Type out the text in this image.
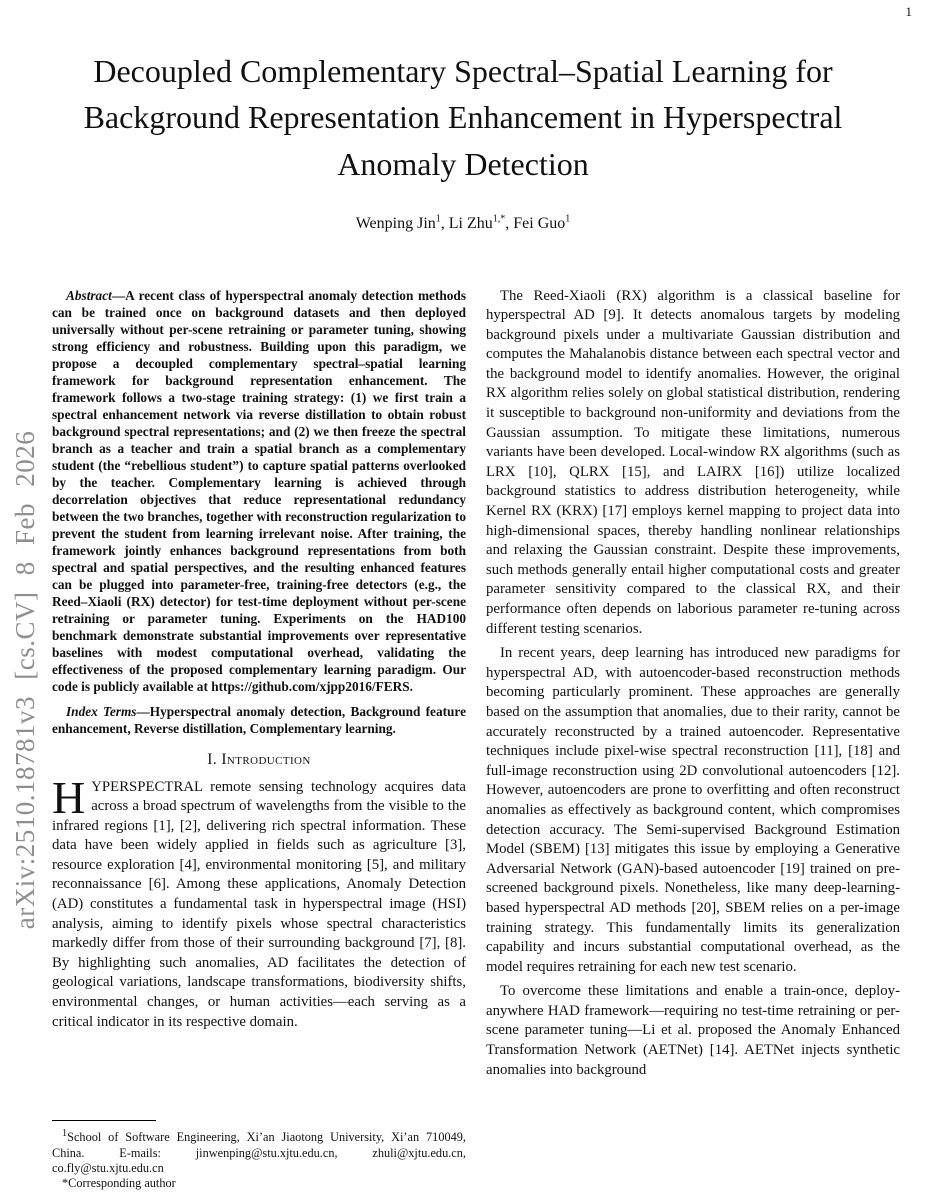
1
arXiv:2510.18781v3 [cs.CV] 8 Feb 2026
Decoupled Complementary Spectral–Spatial Learning for Background Representation Enhancement in Hyperspectral Anomaly Detection
Wenping Jin$^1$, Li Zhu$^{1,*}$, Fei Guo$^1$

Abstract—A recent class of hyperspectral anomaly detection methods can be trained once on background datasets and then deployed universally without per-scene retraining or parameter tuning, showing strong efficiency and robustness. Building upon this paradigm, we propose a decoupled complementary spectral–spatial learning framework for background representation enhancement. The framework follows a two-stage training strategy: (1) we first train a spectral enhancement network via reverse distillation to obtain robust background spectral representations; and (2) we then freeze the spectral branch as a teacher and train a spatial branch as a complementary student (the “rebellious student”) to capture spatial patterns overlooked by the teacher. Complementary learning is achieved through decorrelation objectives that reduce representational redundancy between the two branches, together with reconstruction regularization to prevent the student from learning irrelevant noise. After training, the framework jointly enhances background representations from both spectral and spatial perspectives, and the resulting enhanced features can be plugged into parameter-free, training-free detectors (e.g., the Reed–Xiaoli (RX) detector) for test-time deployment without per-scene retraining or parameter tuning. Experiments on the HAD100 benchmark demonstrate substantial improvements over representative baselines with modest computational overhead, validating the effectiveness of the proposed complementary learning paradigm. Our code is publicly available at https://github.com/xjpp2016/FERS.

Index Terms—Hyperspectral anomaly detection, Background feature enhancement, Reverse distillation, Complementary learning.

I. Introduction

HYPERSPECTRAL remote sensing technology acquires data across a broad spectrum of wavelengths from the visible to the infrared regions [1], [2], delivering rich spectral information. These data have been widely applied in fields such as agriculture [3], resource exploration [4], environmental monitoring [5], and military reconnaissance [6]. Among these applications, Anomaly Detection (AD) constitutes a fundamental task in hyperspectral image (HSI) analysis, aiming to identify pixels whose spectral characteristics markedly differ from those of their surrounding background [7], [8]. By highlighting such anomalies, AD facilitates the detection of geological variations, landscape transformations, biodiversity shifts, environmental changes, or human activities—each serving as a critical indicator in its respective domain.

$^1$School of Software Engineering, Xi’an Jiaotong University, Xi’an 710049, China. E-mails: jinwenping@stu.xjtu.edu.cn, zhuli@xjtu.edu.cn, co.fly@stu.xjtu.edu.cn

*Corresponding author

The Reed-Xiaoli (RX) algorithm is a classical baseline for hyperspectral AD [9]. It detects anomalous targets by modeling background pixels under a multivariate Gaussian distribution and computes the Mahalanobis distance between each spectral vector and the background model to identify anomalies. However, the original RX algorithm relies solely on global statistical distribution, rendering it susceptible to background non-uniformity and deviations from the Gaussian assumption. To mitigate these limitations, numerous variants have been developed. Local-window RX algorithms (such as LRX [10], QLRX [15], and LAIRX [16]) utilize localized background statistics to address distribution heterogeneity, while Kernel RX (KRX) [17] employs kernel mapping to project data into high-dimensional spaces, thereby handling nonlinear relationships and relaxing the Gaussian constraint. Despite these improvements, such methods generally entail higher computational costs and greater parameter sensitivity compared to the classical RX, and their performance often depends on laborious parameter re-tuning across different testing scenarios.

In recent years, deep learning has introduced new paradigms for hyperspectral AD, with autoencoder-based reconstruction methods becoming particularly prominent. These approaches are generally based on the assumption that anomalies, due to their rarity, cannot be accurately reconstructed by a trained autoencoder. Representative techniques include pixel-wise spectral reconstruction [11], [18] and full-image reconstruction using 2D convolutional autoencoders [12]. However, autoencoders are prone to overfitting and often reconstruct anomalies as effectively as background content, which compromises detection accuracy. The Semi-supervised Background Estimation Model (SBEM) [13] mitigates this issue by employing a Generative Adversarial Network (GAN)-based autoencoder [19] trained on pre-screened background pixels. Nonetheless, like many deep-learning-based hyperspectral AD methods [20], SBEM relies on a per-image training strategy. This fundamentally limits its generalization capability and incurs substantial computational overhead, as the model requires retraining for each new test scenario.

To overcome these limitations and enable a train-once, deploy-anywhere HAD framework—requiring no test-time retraining or per-scene parameter tuning—Li et al. proposed the Anomaly Enhanced Transformation Network (AETNet) [14]. AETNet injects synthetic anomalies into background
